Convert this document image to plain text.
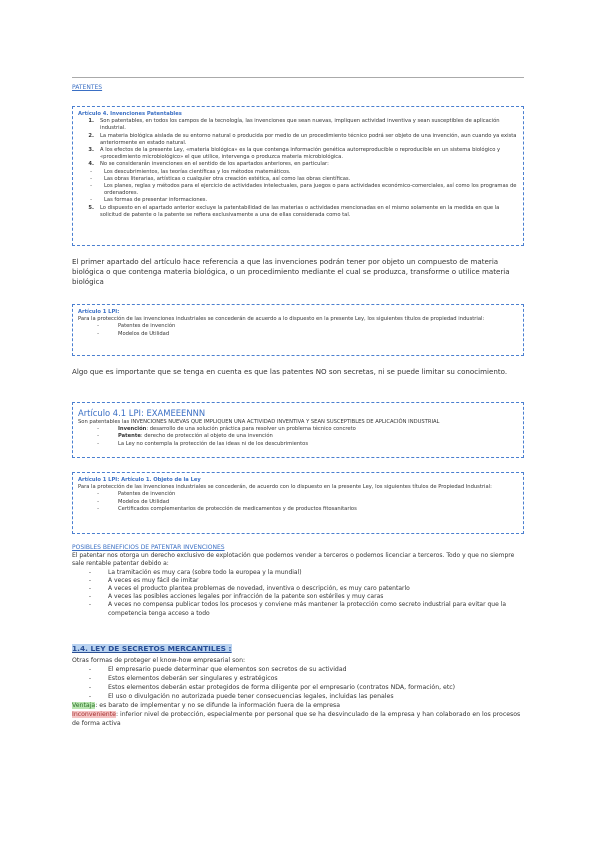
PATENTES
Artículo 4. Invenciones Patentables
1.	Son patentables, en todos los campos de la tecnología, las invenciones que sean nuevas, impliquen actividad inventiva y sean susceptibles de aplicación industrial.
2.	La materia biológica aislada de su entorno natural o producida por medio de un procedimiento técnico podrá ser objeto de una invención, aun cuando ya exista anteriormente en estado natural.
3.	A los efectos de la presente Ley, «materia biológica» es la que contenga información genética autorreproducible o reproducible en un sistema biológico y «procedimiento microbiológico» el que utilice, intervenga o produzca materia microbiológica.
4.	No se considerarán invenciones en el sentido de los apartados anteriores, en particular:
-	Los descubrimientos, las teorías científicas y los métodos matemáticos.
-	Las obras literarias, artísticas o cualquier otra creación estética, así como las obras científicas.
-	Los planes, reglas y métodos para el ejercicio de actividades intelectuales, para juegos o para actividades económico-comerciales, así como los programas de ordenadores.
-	Las formas de presentar informaciones.
5.	Lo dispuesto en el apartado anterior excluye la patentabilidad de las materias o actividades mencionadas en el mismo solamente en la medida en que la solicitud de patente o la patente se refiera exclusivamente a una de ellas considerada como tal.
El primer apartado del artículo hace referencia a que las invenciones podrán tener por objeto un compuesto de materia biológica o que contenga materia biológica, o un procedimiento mediante el cual se produzca, transforme o utilice materia biológica
Artículo 1 LPI:
Para la protección de las invenciones industriales se concederán de acuerdo a lo dispuesto en la presente Ley, los siguientes títulos de propiedad industrial:
-	Patentes de invención
-	Modelos de Utilidad
Algo que es importante que se tenga en cuenta es que las patentes NO son secretas, ni se puede limitar su conocimiento.
Artículo 4.1 LPI: EXAMEEENNN
Son patentables las INVENCIONES NUEVAS QUE IMPLIQUEN UNA ACTIVIDAD INVENTIVA Y SEAN SUSCEPTIBLES DE APLICACIÓN INDUSTRIAL
-	Invención: desarrollo de una solución práctica para resolver un problema técnico concreto
-	Patente: derecho de protección al objeto de una invención
-	La Ley no contempla la protección de las ideas ni de los descubrimientos
Artículo 1 LPI: Artículo 1. Objeto de la Ley
Para la protección de las invenciones industriales se concederán, de acuerdo con lo dispuesto en la presente Ley, los siguientes títulos de Propiedad Industrial:
-	Patentes de invención
-	Modelos de Utilidad
-	Certificados complementarios de protección de medicamentos y de productos fitosanitarios
POSIBLES BENEFICIOS DE PATENTAR INVENCIONES
El patentar nos otorga un derecho exclusivo de explotación que podemos vender a terceros o podemos licenciar a terceros. Todo y que no siempre sale rentable patentar debido a:
-	La tramitación es muy cara (sobre todo la europea y la mundial)
-	A veces es muy fácil de imitar
-	A veces el producto plantea problemas de novedad, inventiva o descripción, es muy caro patentarlo
-	A veces las posibles acciones legales por infracción de la patente son estériles y muy caras
-	A veces no compensa publicar todos los procesos y conviene más mantener la protección como secreto industrial para evitar que la competencia tenga acceso a todo
1.4. LEY DE SECRETOS MERCANTILES :
Otras formas de proteger el know-how empresarial son:
-	El empresario puede determinar que elementos son secretos de su actividad
-	Estos elementos deberán ser singulares y estratégicos
-	Estos elementos deberán estar protegidos de forma diligente por el empresario (contratos NDA, formación, etc)
-	El uso o divulgación no autorizada puede tener consecuencias legales, incluidas las penales
Ventaja: es barato de implementar y no se difunde la información fuera de la empresa
Inconveniente: inferior nivel de protección, especialmente por personal que se ha desvinculado de la empresa y han colaborado en los procesos de forma activa
